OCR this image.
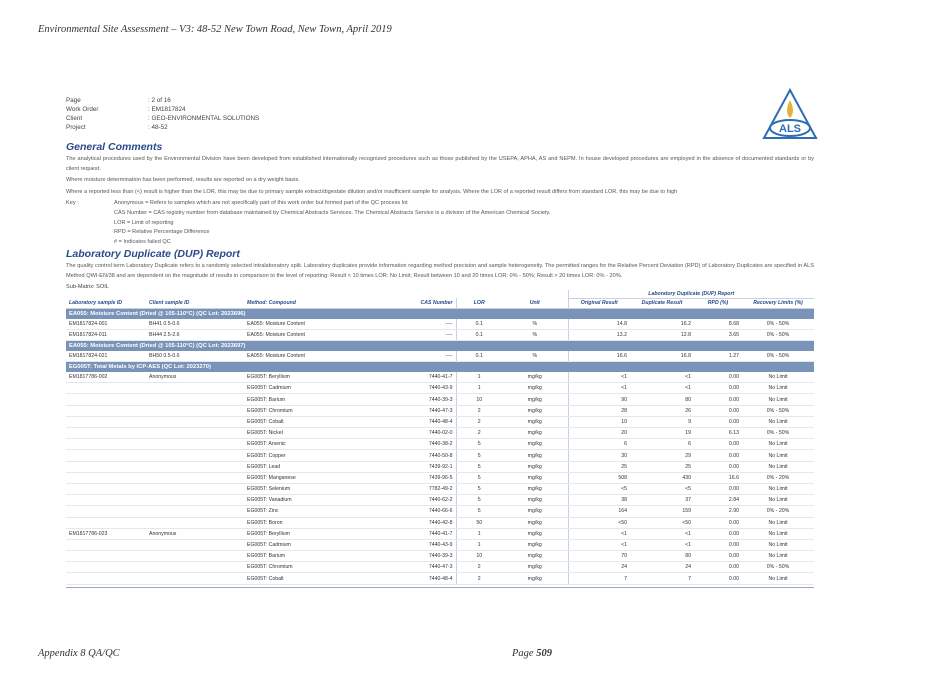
Environmental Site Assessment – V3: 48-52 New Town Road, New Town, April 2019
ALS
Page	: 2 of 16
Work Order	: EM1817824
Client	: GEO-ENVIRONMENTAL SOLUTIONS
Project	: 48-52
General Comments

The analytical procedures used by the Environmental Division have been developed from established internationally recognized procedures such as those published by the USEPA, APHA, AS and NEPM. In house developed procedures are employed in the absence of documented standards or by client request.

Where moisture determination has been performed, results are reported on a dry weight basis.

Where a reported less than (<) result is higher than the LOR, this may be due to primary sample extract/digestate dilution and/or insufficient sample for analysis. Where the LOR of a reported result differs from standard LOR, this may be due to high

Key :	Anonymous = Refers to samples which are not specifically part of this work order but formed part of the QC process lot
CAS Number = CAS registry number from database maintained by Chemical Abstracts Services. The Chemical Abstracts Service is a division of the American Chemical Society.
LOR = Limit of reporting
RPD = Relative Percentage Difference
# = Indicates failed QC
Laboratory Duplicate (DUP) Report

The quality control term Laboratory Duplicate refers to a randomly selected intralaboratory split. Laboratory duplicates provide information regarding method precision and sample heterogeneity. The permitted ranges for the Relative Percent Deviation (RPD) of Laboratory Duplicates are specified in ALS Method QWI-EN/38 and are dependent on the magnitude of results in comparison to the level of reporting: Result < 10 times LOR: No Limit; Result between 10 and 20 times LOR: 0% - 50%; Result > 20 times LOR: 0% - 20%.

Sub-Matrix: SOIL
						Laboratory Duplicate (DUP) Report			
Laboratory sample ID	Client sample ID	Method: Compound	CAS Number	LOR	Unit	Original Result	Duplicate Result	RPD (%)	Recovery Limits (%)
EA055: Moisture Content (Dried @ 105-110°C) (QC Lot: 2023696)									
EM1817824-001	BH41 0.5-0.6	EA055: Moisture Content	----	0.1	%	14.8	16.2	8.68	0% - 50%
EM1817824-011	BH44 2.5-2.6	EA055: Moisture Content	----	0.1	%	13.2	12.8	3.65	0% - 50%
EA055: Moisture Content (Dried @ 105-110°C) (QC Lot: 2023697)									
EM1817824-021	BH50 0.5-0.6	EA055: Moisture Content	----	0.1	%	16.6	16.8	1.27	0% - 50%
EG005T: Total Metals by ICP-AES (QC Lot: 2023270)									
EM1817786-002	Anonymous	EG005T: Beryllium	7440-41-7	1	mg/kg	<1	<1	0.00	No Limit
		EG005T: Cadmium	7440-43-9	1	mg/kg	<1	<1	0.00	No Limit
		EG005T: Barium	7440-39-3	10	mg/kg	90	80	0.00	No Limit
		EG005T: Chromium	7440-47-3	2	mg/kg	28	26	0.00	0% - 50%
		EG005T: Cobalt	7440-48-4	2	mg/kg	10	9	0.00	No Limit
		EG005T: Nickel	7440-02-0	2	mg/kg	20	19	6.13	0% - 50%
		EG005T: Arsenic	7440-38-2	5	mg/kg	6	6	0.00	No Limit
		EG005T: Copper	7440-50-8	5	mg/kg	30	29	0.00	No Limit
		EG005T: Lead	7439-92-1	5	mg/kg	25	25	0.00	No Limit
		EG005T: Manganese	7439-96-5	5	mg/kg	508	430	16.6	0% - 20%
		EG005T: Selenium	7782-49-2	5	mg/kg	<5	<5	0.00	No Limit
		EG005T: Vanadium	7440-62-2	5	mg/kg	38	37	2.84	No Limit
		EG005T: Zinc	7440-66-6	5	mg/kg	164	159	2.90	0% - 20%
		EG005T: Boron	7440-42-8	50	mg/kg	<50	<50	0.00	No Limit
EM1817786-023	Anonymous	EG005T: Beryllium	7440-41-7	1	mg/kg	<1	<1	0.00	No Limit
		EG005T: Cadmium	7440-43-9	1	mg/kg	<1	<1	0.00	No Limit
		EG005T: Barium	7440-39-3	10	mg/kg	70	80	0.00	No Limit
		EG005T: Chromium	7440-47-3	2	mg/kg	24	24	0.00	0% - 50%
		EG005T: Cobalt	7440-48-4	2	mg/kg	7	7	0.00	No Limit
Appendix 8 QA/QC	Page 509
